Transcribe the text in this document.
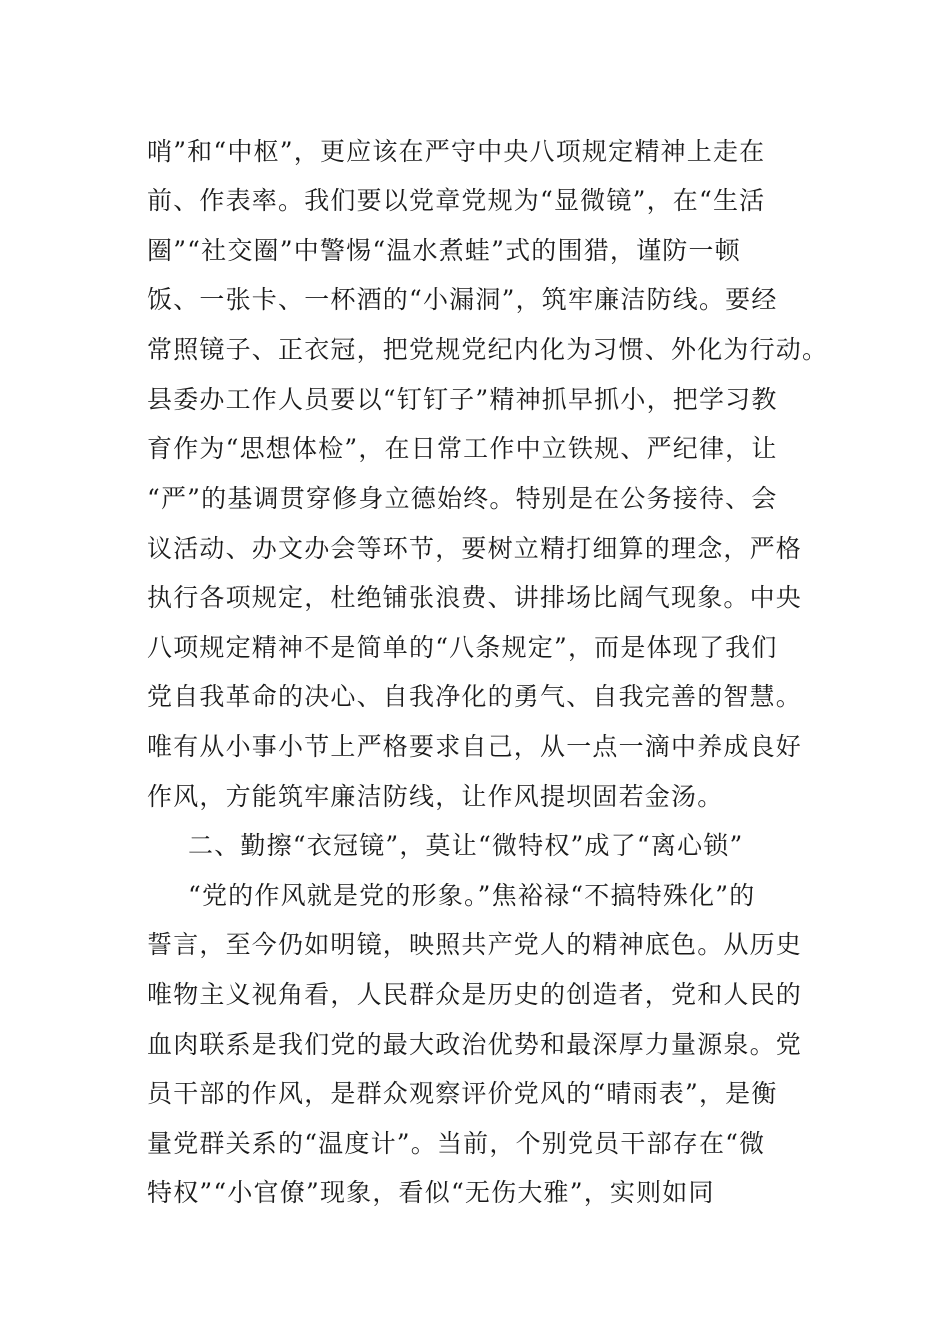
哨”和“中枢”，更应该在严守中央八项规定精神上走在
前、作表率。我们要以党章党规为“显微镜”，在“生活
圈”“社交圈”中警惕“温水煮蛙”式的围猎，谨防一顿
饭、一张卡、一杯酒的“小漏洞”，筑牢廉洁防线。要经
常照镜子、正衣冠，把党规党纪内化为习惯、外化为行动。
县委办工作人员要以“钉钉子”精神抓早抓小，把学习教
育作为“思想体检”，在日常工作中立铁规、严纪律，让
“严”的基调贯穿修身立德始终。特别是在公务接待、会
议活动、办文办会等环节，要树立精打细算的理念，严格
执行各项规定，杜绝铺张浪费、讲排场比阔气现象。中央
八项规定精神不是简单的“八条规定”，而是体现了我们
党自我革命的决心、自我净化的勇气、自我完善的智慧。
唯有从小事小节上严格要求自己，从一点一滴中养成良好
作风，方能筑牢廉洁防线，让作风提坝固若金汤。
二、勤擦“衣冠镜”，莫让“微特权”成了“离心锁”
“党的作风就是党的形象。”焦裕禄“不搞特殊化”的
誓言，至今仍如明镜，映照共产党人的精神底色。从历史
唯物主义视角看，人民群众是历史的创造者，党和人民的
血肉联系是我们党的最大政治优势和最深厚力量源泉。党
员干部的作风，是群众观察评价党风的“晴雨表”，是衡
量党群关系的“温度计”。当前，个别党员干部存在“微
特权”“小官僚”现象，看似“无伤大雅”，实则如同
